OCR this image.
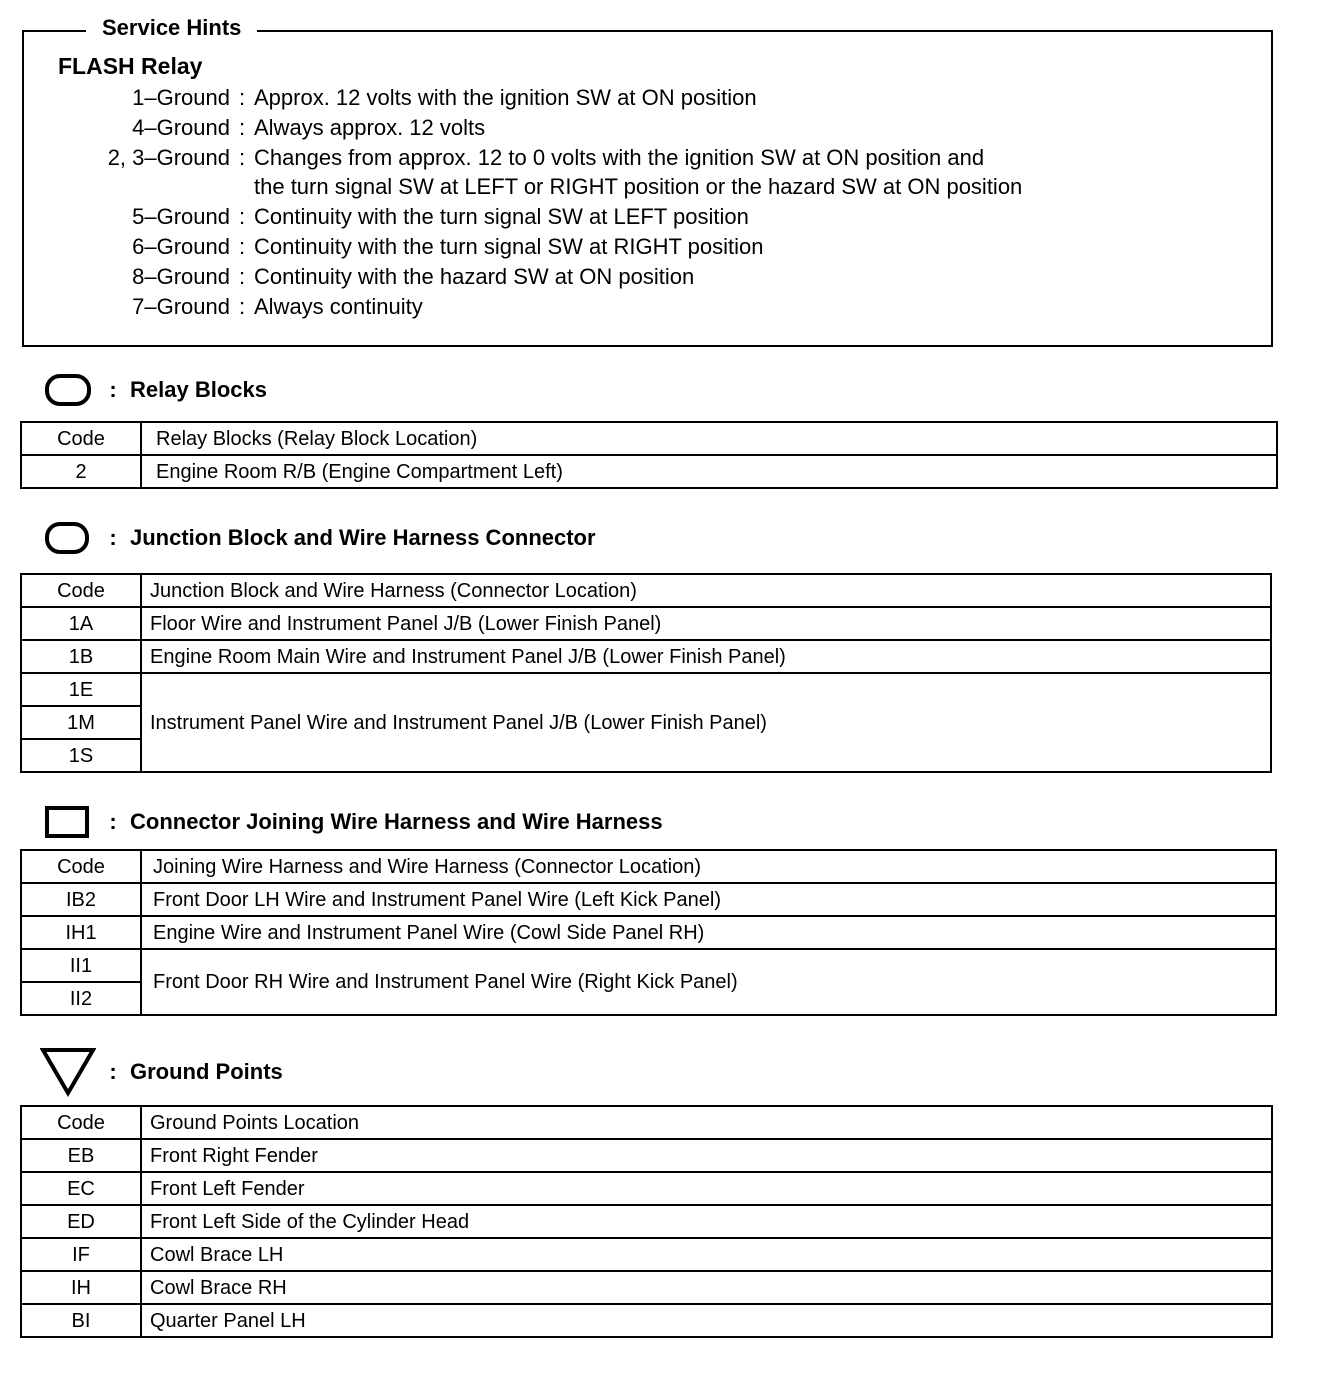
Service Hints
FLASH Relay
1–Ground : Approx. 12 volts with the ignition SW at ON position
4–Ground : Always approx. 12 volts
2, 3–Ground : Changes from approx. 12 to 0 volts with the ignition SW at ON position and
the turn signal SW at LEFT or RIGHT position or the hazard SW at ON position
5–Ground : Continuity with the turn signal SW at LEFT position
6–Ground : Continuity with the turn signal SW at RIGHT position
8–Ground : Continuity with the hazard SW at ON position
7–Ground : Always continuity
: Relay Blocks
Code	Relay Blocks (Relay Block Location)
2	Engine Room R/B (Engine Compartment Left)
: Junction Block and Wire Harness Connector
Code	Junction Block and Wire Harness (Connector Location)
1A	Floor Wire and Instrument Panel J/B (Lower Finish Panel)
1B	Engine Room Main Wire and Instrument Panel J/B (Lower Finish Panel)
1E	Instrument Panel Wire and Instrument Panel J/B (Lower Finish Panel)
1M	
1S	
: Connector Joining Wire Harness and Wire Harness
Code	Joining Wire Harness and Wire Harness (Connector Location)
IB2	Front Door LH Wire and Instrument Panel Wire (Left Kick Panel)
IH1	Engine Wire and Instrument Panel Wire (Cowl Side Panel RH)
II1	Front Door RH Wire and Instrument Panel Wire (Right Kick Panel)
II2	
: Ground Points
Code	Ground Points Location
EB	Front Right Fender
EC	Front Left Fender
ED	Front Left Side of the Cylinder Head
IF	Cowl Brace LH
IH	Cowl Brace RH
BI	Quarter Panel LH
